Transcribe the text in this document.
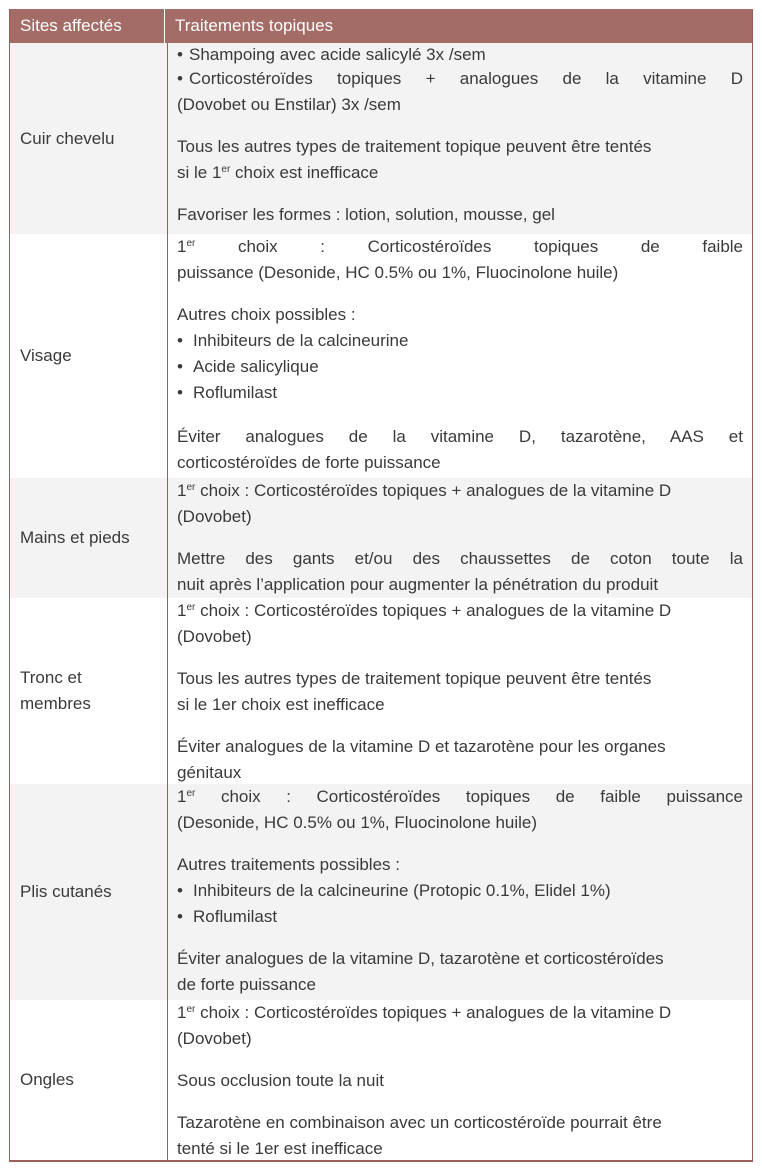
Sites affectés	Traitements topiques
Cuir chevelu
• Shampoing avec acide salicylé 3x /sem
• Corticostéroïdes topiques + analogues de la vitamine D
(Dovobet ou Enstilar) 3x /sem

Tous les autres types de traitement topique peuvent être tentés
si le 1er choix est inefficace

Favoriser les formes : lotion, solution, mousse, gel

Visage

1er choix : Corticostéroïdes topiques de faible

puissance (Desonide, HC 0.5% ou 1%, Fluocinolone huile)

Autres choix possibles :

• Inhibiteurs de la calcineurine
• Acide salicylique
• Roflumilast

Éviter analogues de la vitamine D, tazarotène, AAS et

corticostéroïdes de forte puissance

Mains et pieds

1er choix : Corticostéroïdes topiques + analogues de la vitamine D

(Dovobet)

Mettre des gants et/ou des chaussettes de coton toute la

nuit après l’application pour augmenter la pénétration du produit

Tronc et
membres

1er choix : Corticostéroïdes topiques + analogues de la vitamine D

(Dovobet)

Tous les autres types de traitement topique peuvent être tentés

si le 1er choix est inefficace

Éviter analogues de la vitamine D et tazarotène pour les organes

génitaux

Plis cutanés

1er choix : Corticostéroïdes topiques de faible puissance

(Desonide, HC 0.5% ou 1%, Fluocinolone huile)

Autres traitements possibles :

• Inhibiteurs de la calcineurine (Protopic 0.1%, Elidel 1%)
• Roflumilast

Éviter analogues de la vitamine D, tazarotène et corticostéroïdes

de forte puissance

Ongles

1er choix : Corticostéroïdes topiques + analogues de la vitamine D

(Dovobet)

Sous occlusion toute la nuit

Tazarotène en combinaison avec un corticostéroïde pourrait être

tenté si le 1er est inefficace
